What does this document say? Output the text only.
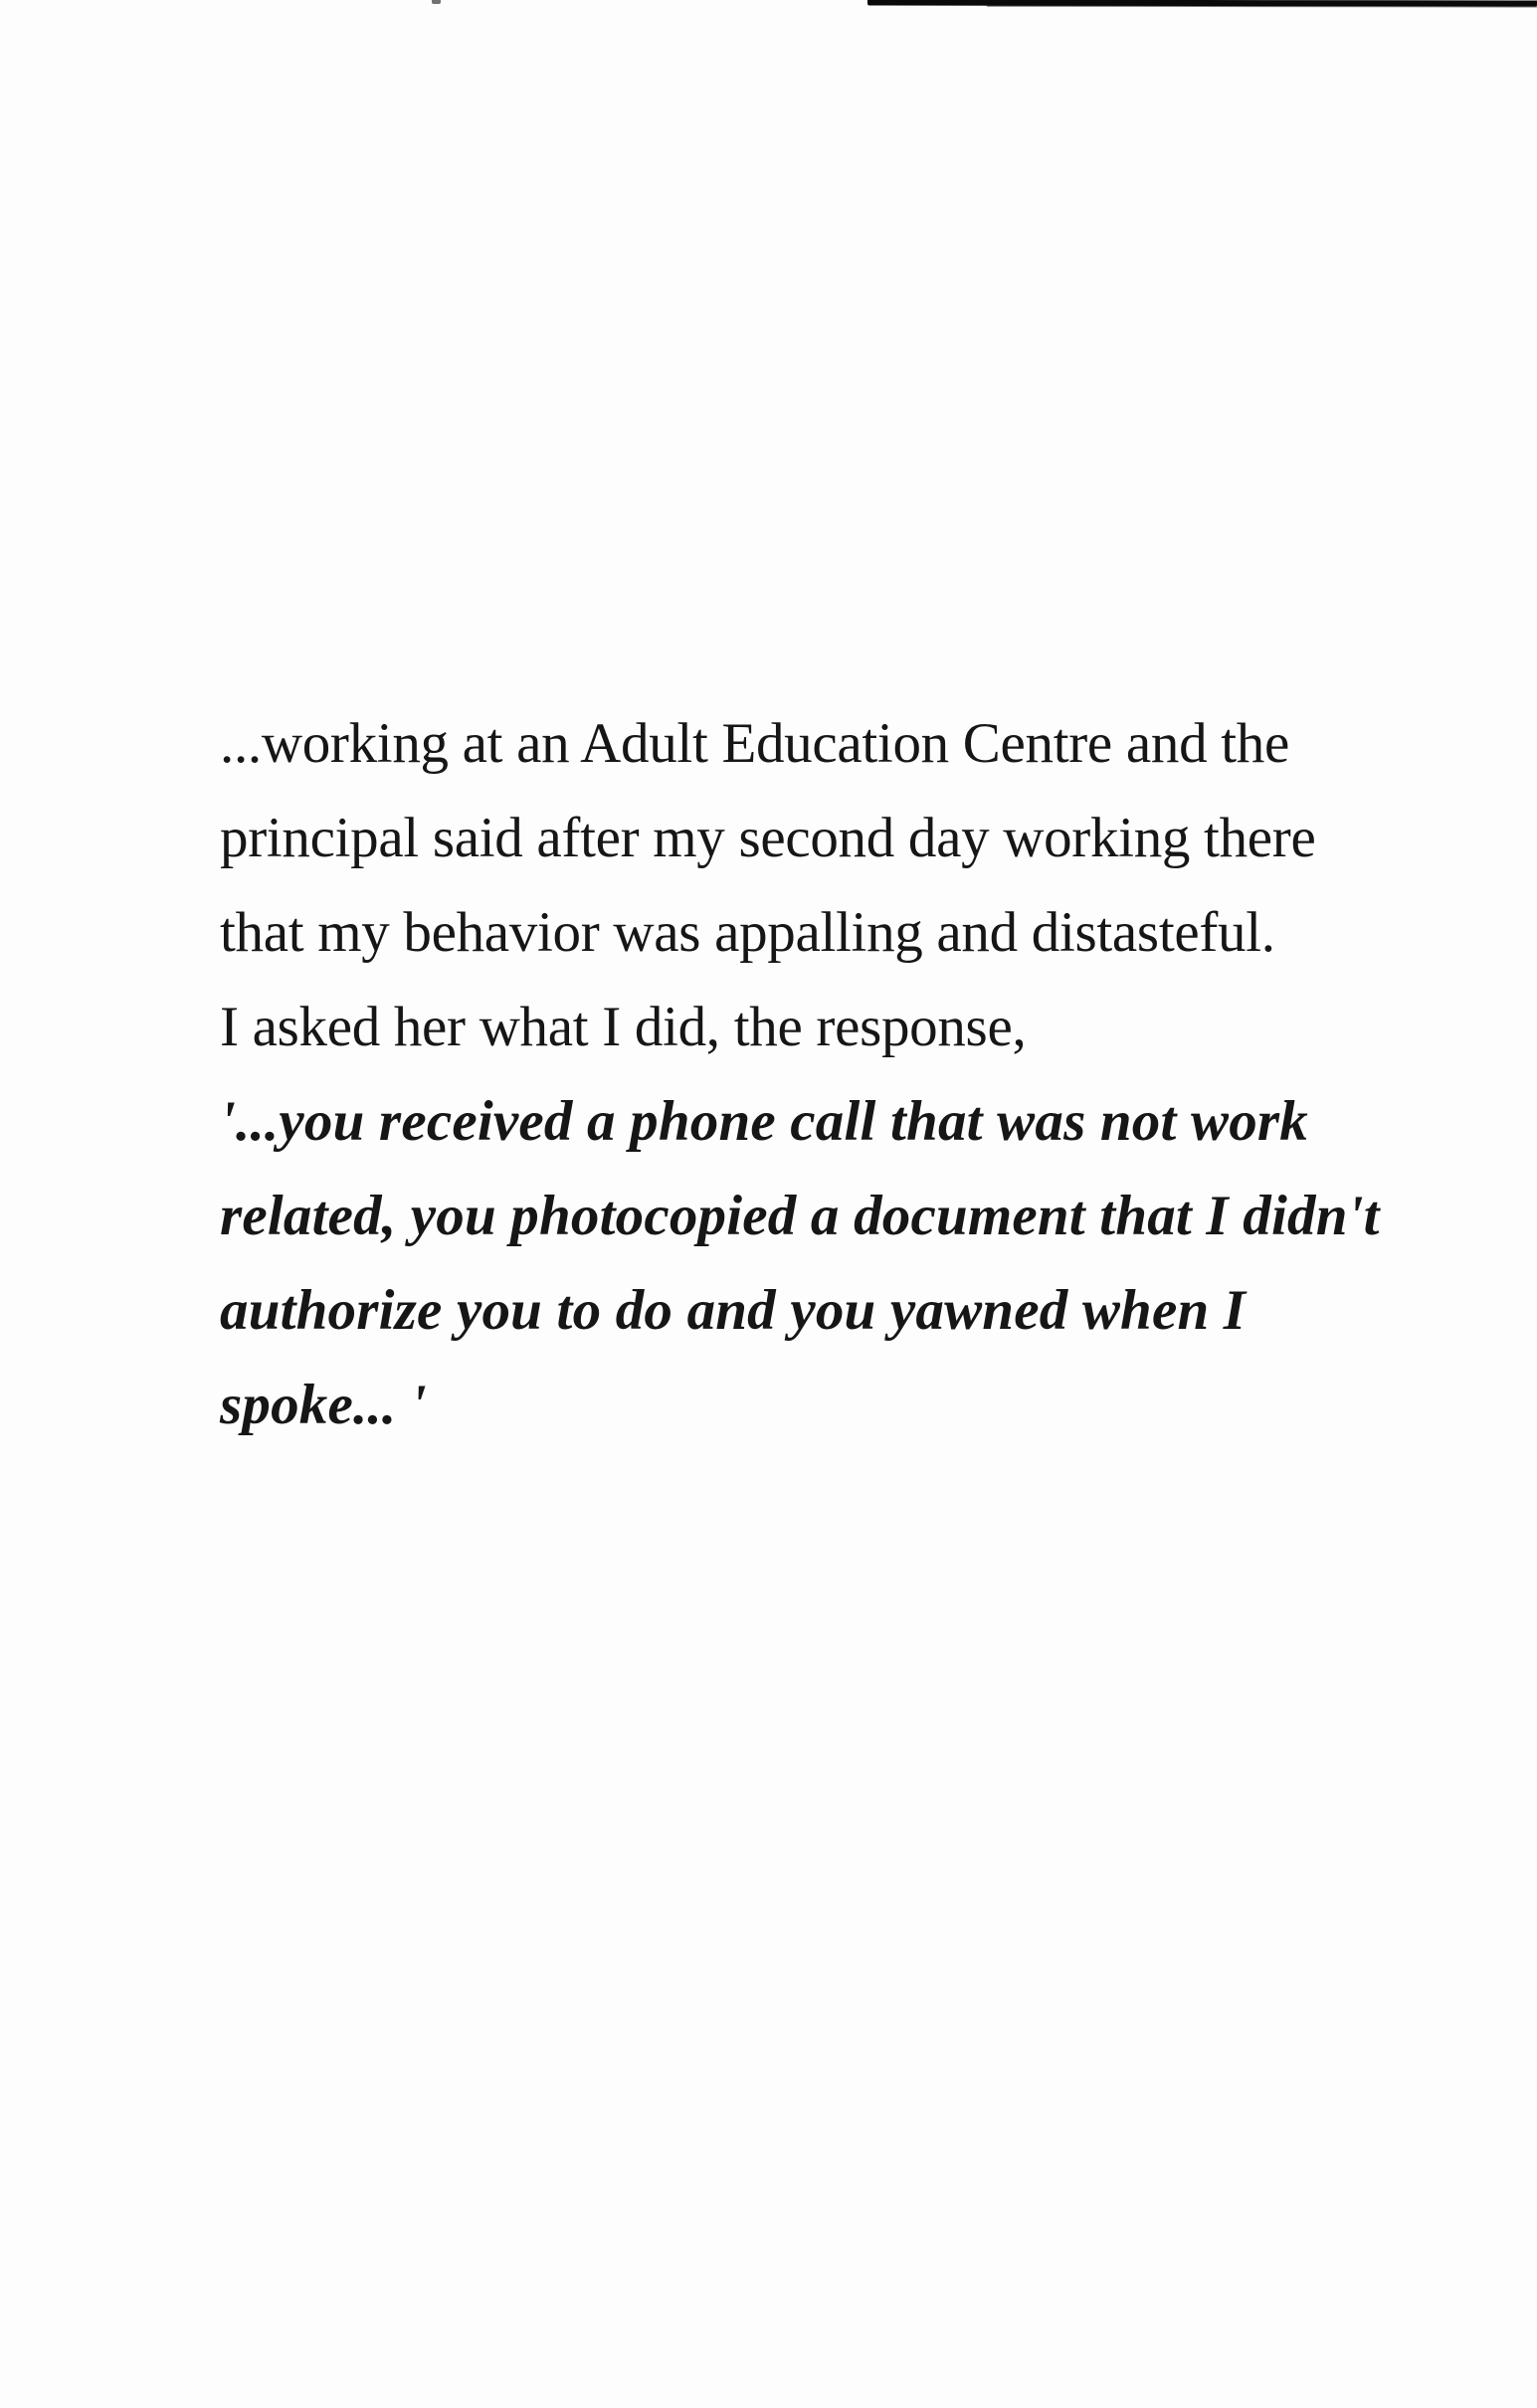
...working at an Adult Education Centre and the

principal said after my second day working there

that my behavior was appalling and distasteful.

I asked her what I did, the response,

'...you received a phone call that was not work

related, you photocopied a document that I didn't

authorize you to do and you yawned when I

spoke... '
